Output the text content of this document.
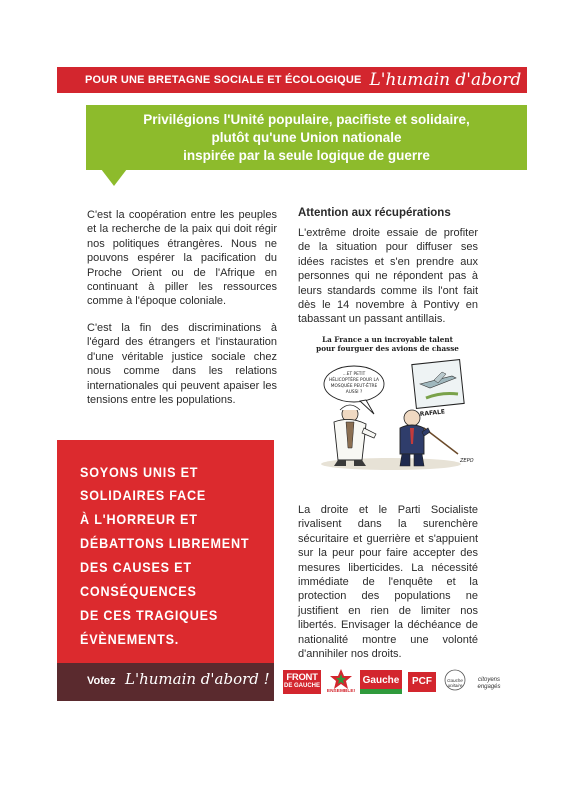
POUR UNE BRETAGNE SOCIALE ET ÉCOLOGIQUE L'humain d'abord !
Privilégions l'Unité populaire, pacifiste et solidaire,
plutôt qu'une Union nationale
inspirée par la seule logique de guerre
C'est la coopération entre les peuples et la recherche de la paix qui doit régir nos politiques étrangères. Nous ne pouvons espérer la pacification du Proche Orient ou de l'Afrique en continuant à piller les ressources comme à l'époque coloniale.
C'est la fin des discriminations à l'égard des étrangers et l'instauration d'une véritable justice sociale chez nous comme dans les relations internationales qui peuvent apaiser les tensions entre les populations.
Attention aux récupérations
L'extrême droite essaie de profiter de la situation pour diffuser ses idées racistes et s'en prendre aux personnes qui ne répondent pas à leurs standards comme ils l'ont fait dès le 14 novembre à Pontivy en tabassant un passant antillais.
La France a un incroyable talent
pour fourguer des avions de chasse
...ET PETIT
HÉLICOPTÈRE POUR LA
MOSQUÉE PEUT-ÊTRE
AUSSI ?
RAFALE
ZEPO
La droite et le Parti Socialiste rivalisent dans la surenchère sécuritaire et guerrière et s'appuient sur la peur pour faire accepter des mesures liberticides. La nécessité immédiate de l'enquête et la protection des populations ne justifient en rien de limiter nos libertés. Envisager la déchéance de nationalité montre une volonté d'annihiler nos droits.
SOYONS UNIS ET
SOLIDAIRES FACE
À L'HORREUR ET
DÉBATTONS LIBREMENT
DES CAUSES ET
CONSÉQUENCES
DE CES TRAGIQUES
ÉVÈNEMENTS.
Votez L'humain d'abord !	FRONT
DE GAUCHE
ENSEMBLE!
Gauche	PCF	Gauche unitaire
citoyens
engagés
